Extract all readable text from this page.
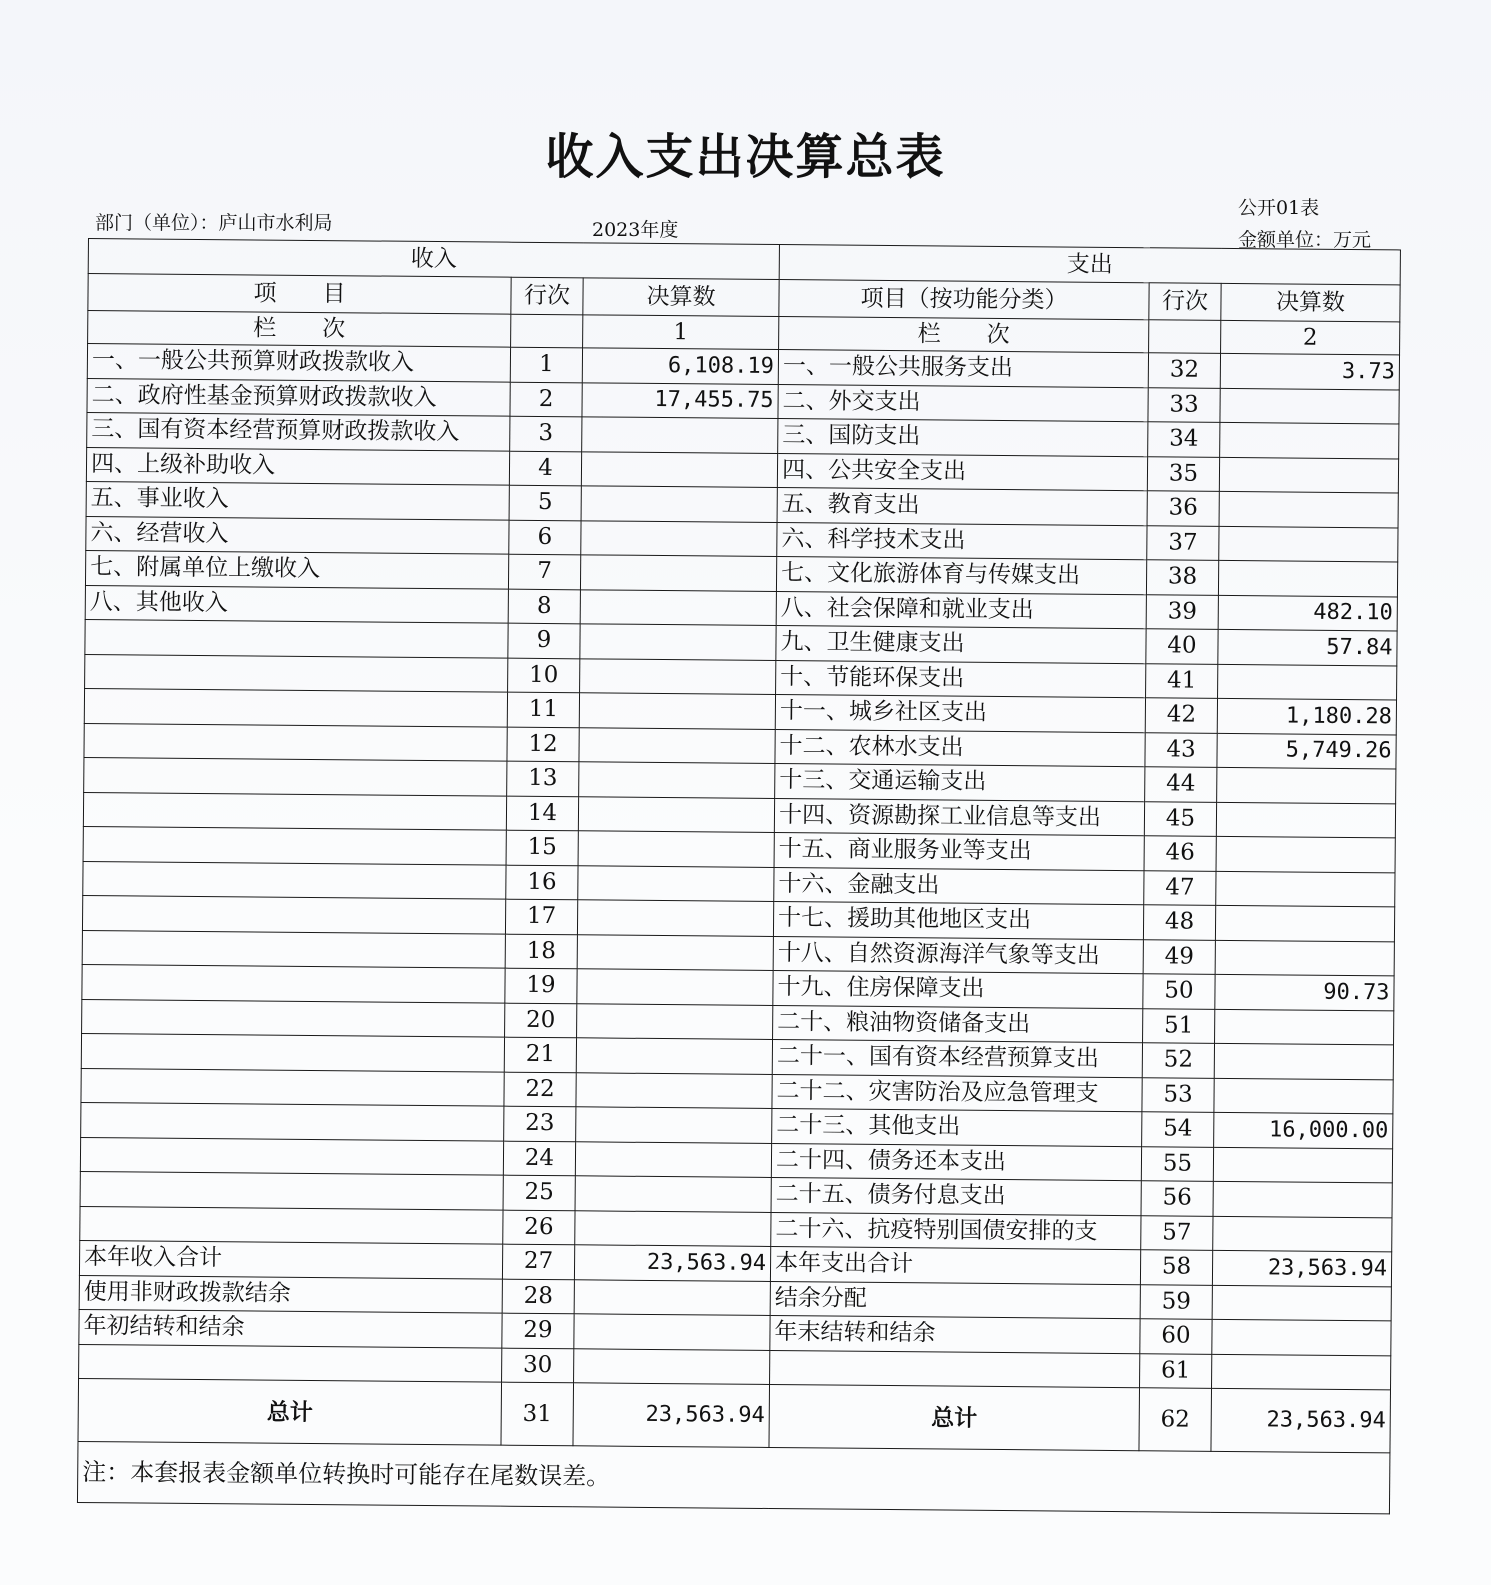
收入支出决算总表
部门（单位）：庐山市水利局	2023年度
公开01表
金额单位：万元
收入			支出		
项　　目	行次	决算数	项目（按功能分类）	行次	决算数
栏　　次		1	栏　　次		2
一、一般公共预算财政拨款收入	1	6,108.19	一、一般公共服务支出	32	3.73
二、政府性基金预算财政拨款收入	2	17,455.75	二、外交支出	33	
三、国有资本经营预算财政拨款收入	3		三、国防支出	34	
四、上级补助收入	4		四、公共安全支出	35	
五、事业收入	5		五、教育支出	36	
六、经营收入	6		六、科学技术支出	37	
七、附属单位上缴收入	7		七、文化旅游体育与传媒支出	38	
八、其他收入	8		八、社会保障和就业支出	39	482.10
	9		九、卫生健康支出	40	57.84
	10		十、节能环保支出	41	
	11		十一、城乡社区支出	42	1,180.28
	12		十二、农林水支出	43	5,749.26
	13		十三、交通运输支出	44	
	14		十四、资源勘探工业信息等支出	45	
	15		十五、商业服务业等支出	46	
	16		十六、金融支出	47	
	17		十七、援助其他地区支出	48	
	18		十八、自然资源海洋气象等支出	49	
	19		十九、住房保障支出	50	90.73
	20		二十、粮油物资储备支出	51	
	21		二十一、国有资本经营预算支出	52	
	22		二十二、灾害防治及应急管理支	53	
	23		二十三、其他支出	54	16,000.00
	24		二十四、债务还本支出	55	
	25		二十五、债务付息支出	56	
	26		二十六、抗疫特别国债安排的支	57	
本年收入合计	27	23,563.94	本年支出合计	58	23,563.94
使用非财政拨款结余	28		结余分配	59	
年初结转和结余	29		年末结转和结余	60	
	30			61	
总计	31	23,563.94	总计	62	23,563.94
注：本套报表金额单位转换时可能存在尾数误差。					
